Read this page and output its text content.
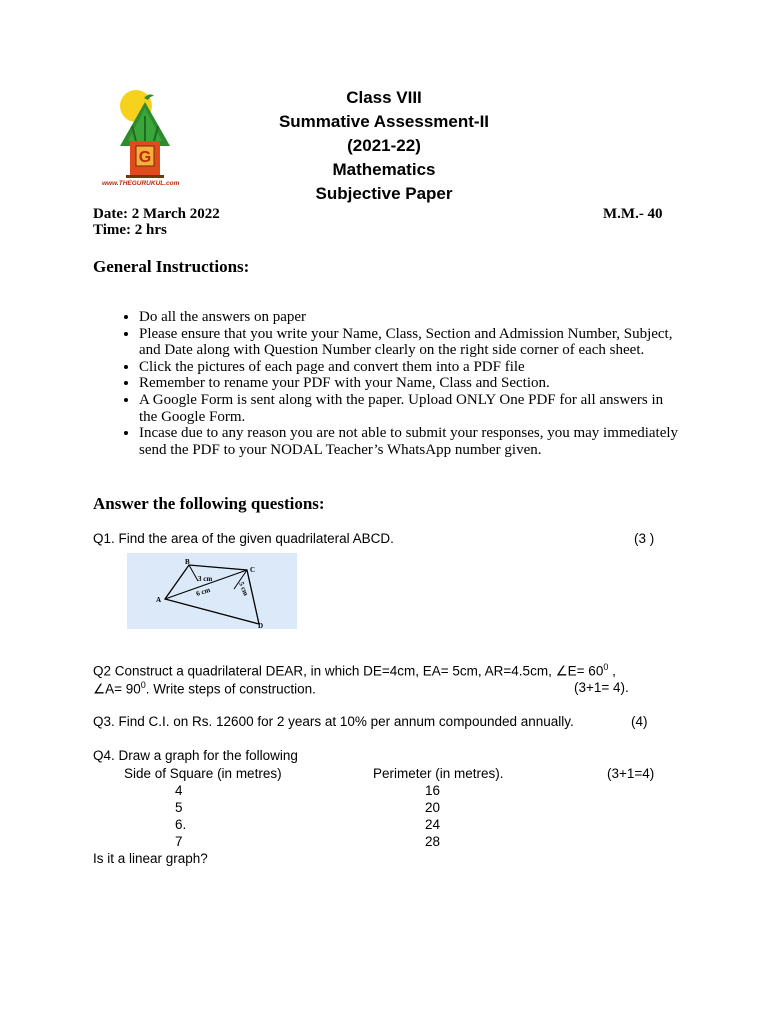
G
www.THEGURUKUL.com
Class VIII
Summative Assessment-II
(2021-22)
Mathematics
Subjective Paper
Date: 2 March 2022	M.M.- 40
Time: 2 hrs
General Instructions:
• Do all the answers on paper
• Please ensure that you write your Name, Class, Section and Admission Number, Subject, and Date along with Question Number clearly on the right side corner of each sheet.
• Click the pictures of each page and convert them into a PDF file
• Remember to rename your PDF with your Name, Class and Section.
• A Google Form is sent along with the paper. Upload ONLY One PDF for all answers in the Google Form.
• Incase due to any reason you are not able to submit your responses, you may immediately send the PDF to your NODAL Teacher’s WhatsApp number given.
Answer the following questions:
Q1. Find the area of the given quadrilateral ABCD.	(3 )
B
C
A
D
3 cm
6 cm	5 cm
Q2 Construct a quadrilateral DEAR, in which DE=4cm, EA= 5cm, AR=4.5cm, ∠E= $60^0$ ,
∠A= $90^0$. Write steps of construction.	(3+1= 4).
Q3. Find C.I. on Rs. 12600 for 2 years at 10% per annum compounded annually.	(4)
Q4. Draw a graph for the following
Side of Square (in metres)	Perimeter (in metres).	(3+1=4)
4	16
5	20
6.	24
7	28
Is it a linear graph?
